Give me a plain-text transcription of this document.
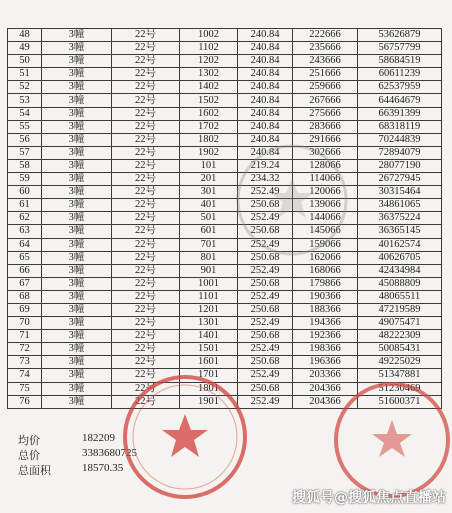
48	3幢	22号	1002	240.84	222666	53626879
49	3幢	22号	1102	240.84	235666	56757799
50	3幢	22号	1202	240.84	243666	58684519
51	3幢	22号	1302	240.84	251666	60611239
52	3幢	22号	1402	240.84	259666	62537959
53	3幢	22号	1502	240.84	267666	64464679
54	3幢	22号	1602	240.84	275666	66391399
55	3幢	22号	1702	240.84	283666	68318119
56	3幢	22号	1802	240.84	291666	70244839
57	3幢	22号	1902	240.84	302666	72894079
58	3幢	22号	101	219.24	128066	28077190
59	3幢	22号	201	234.32	114066	26727945
60	3幢	22号	301	252.49	120066	30315464
61	3幢	22号	401	250.68	139066	34861065
62	3幢	22号	501	252.49	144066	36375224
63	3幢	22号	601	250.68	145066	36365145
64	3幢	22号	701	252.49	159066	40162574
65	3幢	22号	801	250.68	162066	40626705
66	3幢	22号	901	252.49	168066	42434984
67	3幢	22号	1001	250.68	179866	45088809
68	3幢	22号	1101	252.49	190366	48065511
69	3幢	22号	1201	250.68	188366	47219589
70	3幢	22号	1301	252.49	194366	49075471
71	3幢	22号	1401	250.68	192366	48222309
72	3幢	22号	1501	252.49	198366	50085431
73	3幢	22号	1601	250.68	196366	49225029
74	3幢	22号	1701	252.49	203366	51347881
75	3幢	22号	1801	250.68	204366	51230469
76	3幢	22号	1901	252.49	204366	51600371
均价	182209
总价	3383680725
总面积	18570.35
搜狐号@搜狐焦点直播站
